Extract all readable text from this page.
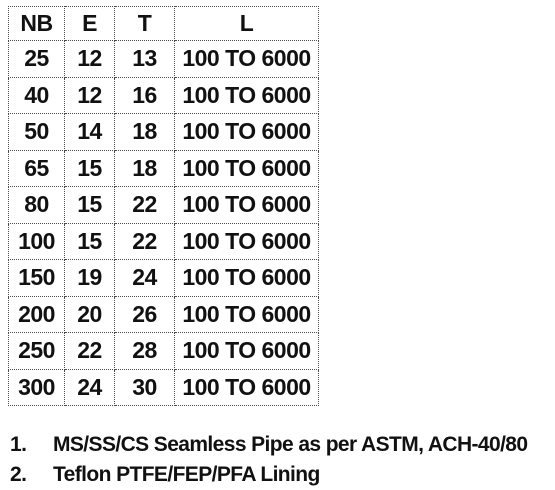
NB	E	T	L
25	12	13	100 TO 6000
40	12	16	100 TO 6000
50	14	18	100 TO 6000
65	15	18	100 TO 6000
80	15	22	100 TO 6000
100	15	22	100 TO 6000
150	19	24	100 TO 6000
200	20	26	100 TO 6000
250	22	28	100 TO 6000
300	24	30	100 TO 6000
1. MS/SS/CS Seamless Pipe as per ASTM, ACH-40/80
2. Teflon PTFE/FEP/PFA Lining
